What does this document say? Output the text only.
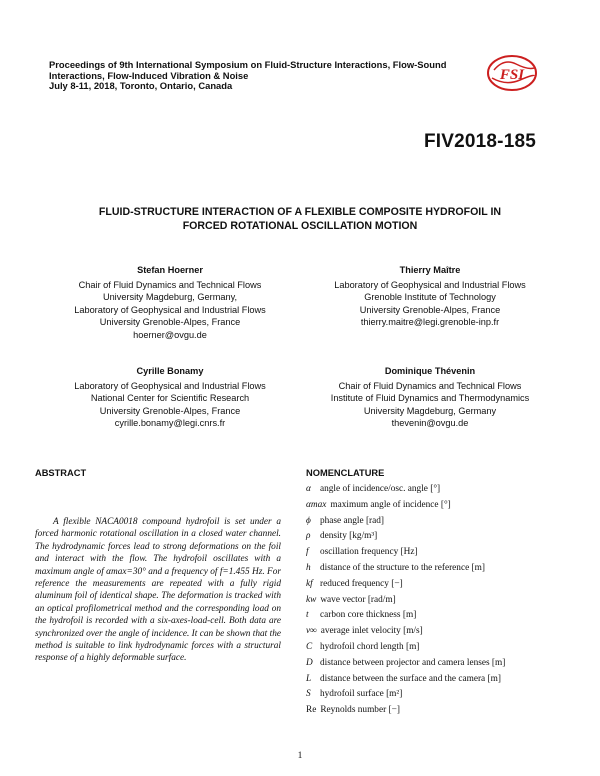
Proceedings of 9th International Symposium on Fluid-Structure Interactions, Flow-Sound
Interactions, Flow-Induced Vibration & Noise
July 8-11, 2018, Toronto, Ontario, Canada
FSI
FIV2018-185
FLUID-STRUCTURE INTERACTION OF A FLEXIBLE COMPOSITE HYDROFOIL IN
FORCED ROTATIONAL OSCILLATION MOTION
Stefan Hoerner
Chair of Fluid Dynamics and Technical Flows
University Magdeburg, Germany,
Laboratory of Geophysical and Industrial Flows
University Grenoble-Alpes, France
hoerner@ovgu.de
Thierry Maître
Laboratory of Geophysical and Industrial Flows
Grenoble Institute of Technology
University Grenoble-Alpes, France
thierry.maitre@legi.grenoble-inp.fr
Cyrille Bonamy
Laboratory of Geophysical and Industrial Flows
National Center for Scientific Research
University Grenoble-Alpes, France
cyrille.bonamy@legi.cnrs.fr
Dominique Thévenin
Chair of Fluid Dynamics and Technical Flows
Institute of Fluid Dynamics and Thermodynamics
University Magdeburg, Germany
thevenin@ovgu.de
ABSTRACT

A flexible NACA0018 compound hydrofoil is set under a forced harmonic rotational oscillation in a closed water channel. The hydrodynamic forces lead to strong deformations on the foil and interact with the flow. The hydrofoil oscillates with a maximum angle of αmax=30° and a frequency of f=1.455 Hz. For reference the measurements are repeated with a fully rigid aluminum foil of identical shape. The deformation is tracked with an optical profilometrical method and the corresponding load on the hydrofoil is recorded with a six-axes-load-cell. Both data are synchronized over the angle of incidence. It can be shown that the method is suitable to link hydrodynamic forces with a structural response of a highly deformable surface.

NOMENCLATURE
α angle of incidence/osc. angle [°]
αmax maximum angle of incidence [°]
ϕ phase angle [rad]
ρ density [kg/m³]
f oscillation frequency [Hz]
h distance of the structure to the reference [m]
kf reduced frequency [−]
kw wave vector [rad/m]
t carbon core thickness [m]
v∞ average inlet velocity [m/s]
C hydrofoil chord length [m]
D distance between projector and camera lenses [m]
L distance between the surface and the camera [m]
S hydrofoil surface [m²]
Re Reynolds number [−]
1
